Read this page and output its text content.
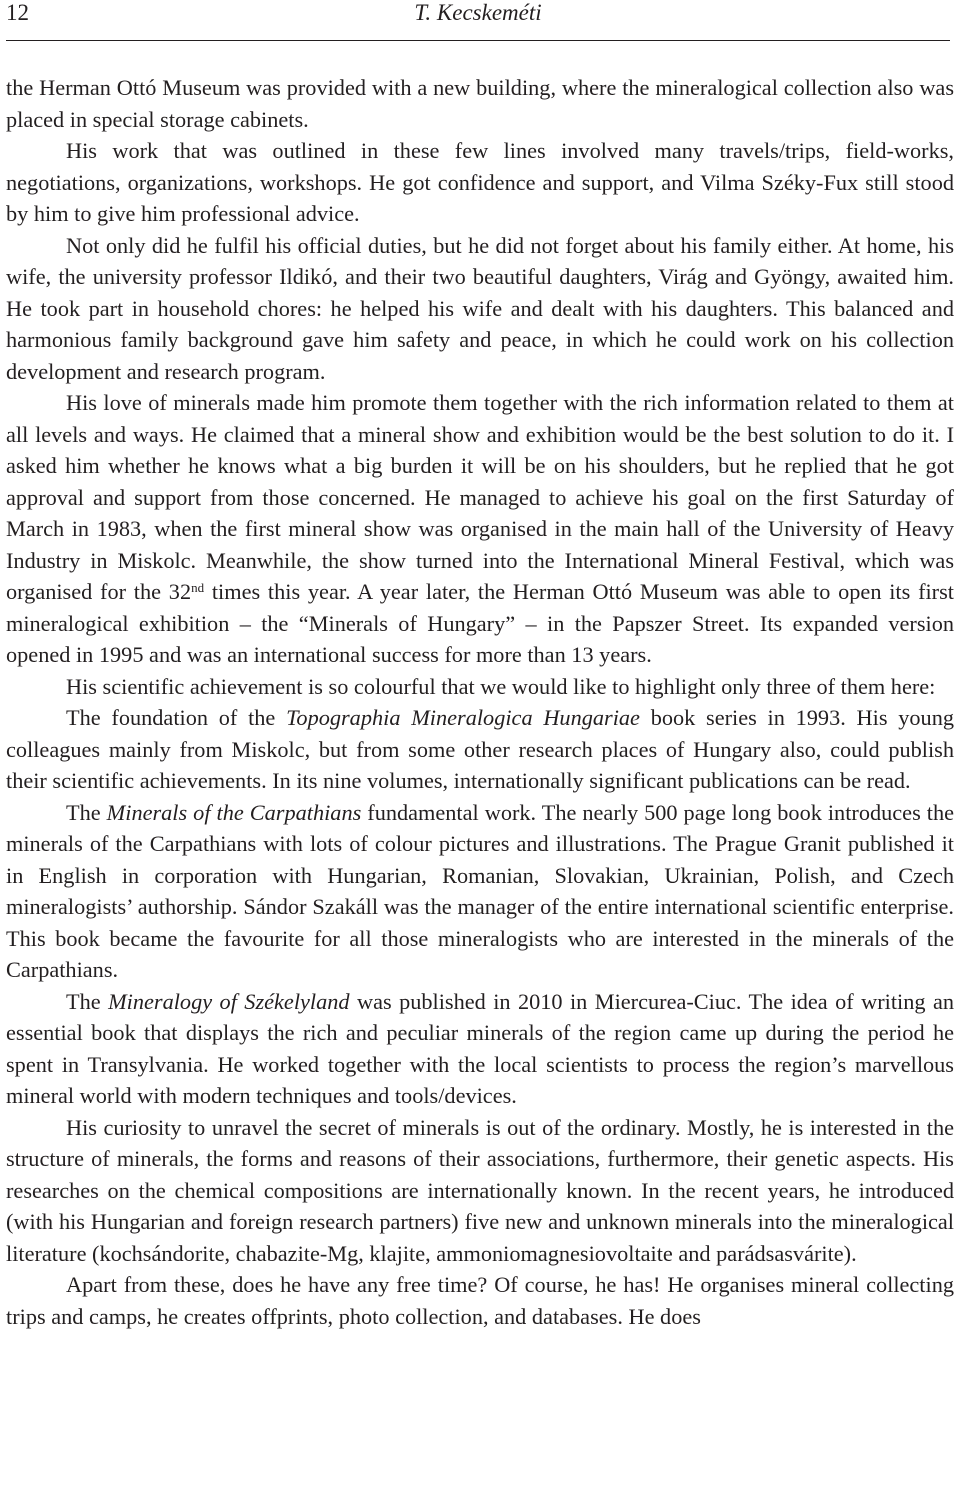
12	T. Kecskeméti

the Herman Ottó Museum was provided with a new building, where the mineralogical collection also was placed in special storage cabinets.

His work that was outlined in these few lines involved many travels/trips, field-works, negotiations, organizations, workshops. He got confidence and support, and Vilma Széky-Fux still stood by him to give him professional advice.

Not only did he fulfil his official duties, but he did not forget about his family either. At home, his wife, the university professor Ildikó, and their two beautiful daughters, Virág and Gyöngy, awaited him. He took part in household chores: he helped his wife and dealt with his daughters. This balanced and harmonious family background gave him safety and peace, in which he could work on his collection development and research program.

His love of minerals made him promote them together with the rich information related to them at all levels and ways. He claimed that a mineral show and exhibition would be the best solution to do it. I asked him whether he knows what a big burden it will be on his shoulders, but he replied that he got approval and support from those concerned. He managed to achieve his goal on the first Saturday of March in 1983, when the first mineral show was organised in the main hall of the University of Heavy Industry in Miskolc. Meanwhile, the show turned into the International Mineral Festival, which was organised for the 32nd times this year. A year later, the Herman Ottó Museum was able to open its first mineralogical exhibition – the “Minerals of Hungary” – in the Papszer Street. Its expanded version opened in 1995 and was an international success for more than 13 years.

His scientific achievement is so colourful that we would like to highlight only three of them here:

The foundation of the Topographia Mineralogica Hungariae book series in 1993. His young colleagues mainly from Miskolc, but from some other research places of Hungary also, could publish their scientific achievements. In its nine volumes, internationally significant publications can be read.

The Minerals of the Carpathians fundamental work. The nearly 500 page long book introduces the minerals of the Carpathians with lots of colour pictures and illustrations. The Prague Granit published it in English in corporation with Hungarian, Romanian, Slovakian, Ukrainian, Polish, and Czech mineralogists’ authorship. Sándor Szakáll was the manager of the entire international scientific enterprise. This book became the favourite for all those mineralogists who are interested in the minerals of the Carpathians.

The Mineralogy of Székelyland was published in 2010 in Miercurea-Ciuc. The idea of writing an essential book that displays the rich and peculiar minerals of the region came up during the period he spent in Transylvania. He worked together with the local scientists to process the region’s marvellous mineral world with modern techniques and tools/devices.

His curiosity to unravel the secret of minerals is out of the ordinary. Mostly, he is interested in the structure of minerals, the forms and reasons of their associations, furthermore, their genetic aspects. His researches on the chemical compositions are internationally known. In the recent years, he introduced (with his Hungarian and foreign research partners) five new and unknown minerals into the mineralogical literature (kochsándorite, chabazite-Mg, klajite, ammoniomagnesiovoltaite and parádsasvárite).

Apart from these, does he have any free time? Of course, he has! He organises mineral collecting trips and camps, he creates offprints, photo collection, and databases. He does
